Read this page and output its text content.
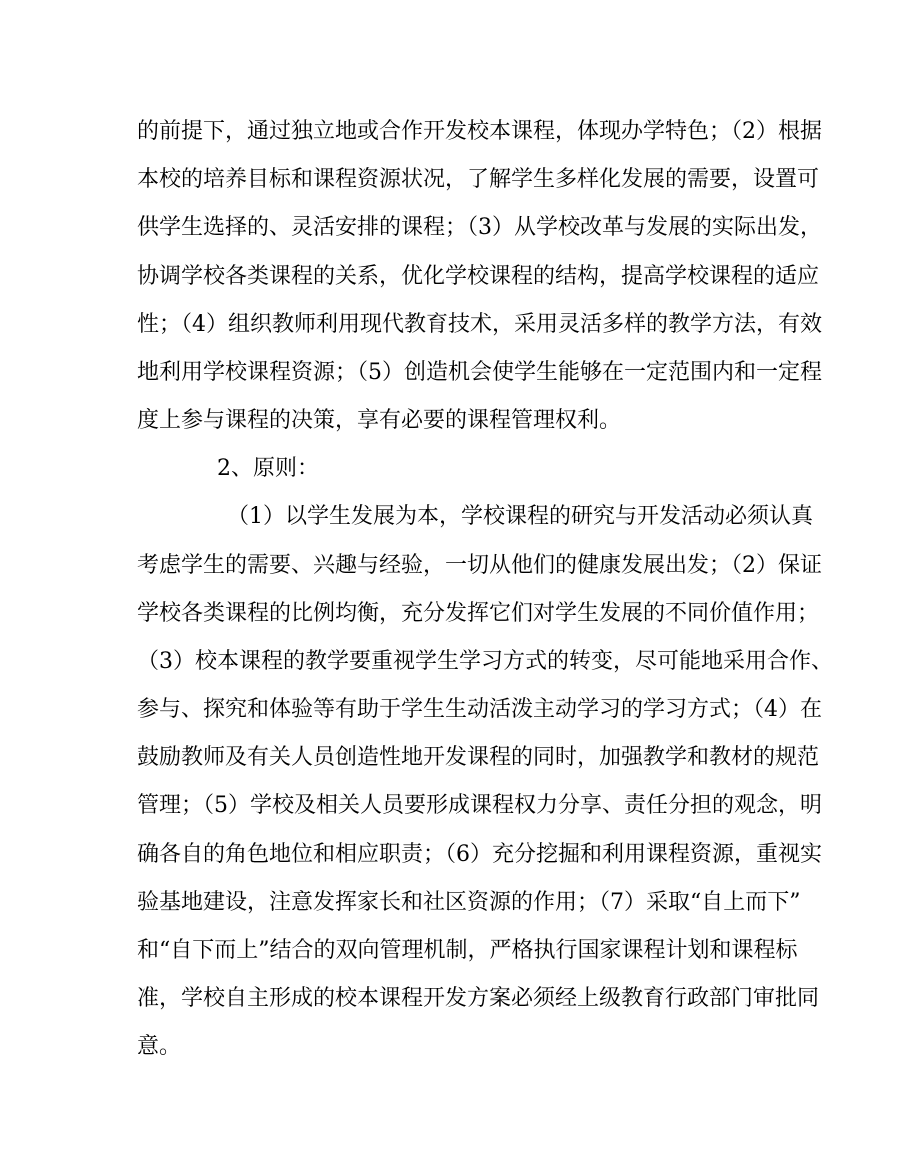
的前提下，通过独立地或合作开发校本课程，体现办学特色；（2）根据
本校的培养目标和课程资源状况，了解学生多样化发展的需要，设置可
供学生选择的、灵活安排的课程；（3）从学校改革与发展的实际出发，
协调学校各类课程的关系，优化学校课程的结构，提高学校课程的适应
性；（4）组织教师利用现代教育技术，采用灵活多样的教学方法，有效
地利用学校课程资源；（5）创造机会使学生能够在一定范围内和一定程
度上参与课程的决策，享有必要的课程管理权利。
2、原则：
（1）以学生发展为本，学校课程的研究与开发活动必须认真
考虑学生的需要、兴趣与经验，一切从他们的健康发展出发；（2）保证
学校各类课程的比例均衡，充分发挥它们对学生发展的不同价值作用；
（3）校本课程的教学要重视学生学习方式的转变，尽可能地采用合作、
参与、探究和体验等有助于学生生动活泼主动学习的学习方式；（4）在
鼓励教师及有关人员创造性地开发课程的同时，加强教学和教材的规范
管理；（5）学校及相关人员要形成课程权力分享、责任分担的观念，明
确各自的角色地位和相应职责；（6）充分挖掘和利用课程资源，重视实
验基地建设，注意发挥家长和社区资源的作用；（7）采取“自上而下”
和“自下而上”结合的双向管理机制，严格执行国家课程计划和课程标
准，学校自主形成的校本课程开发方案必须经上级教育行政部门审批同
意。
